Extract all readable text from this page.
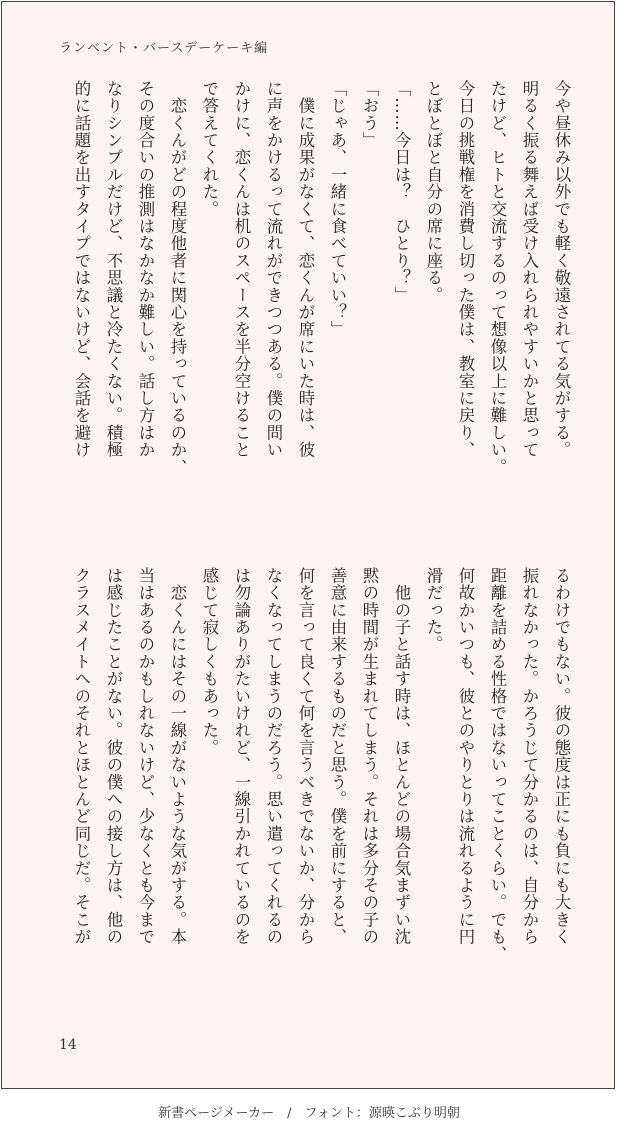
ランベント・バースデーケーキ編

今や昼休み以外でも軽く敬遠されてる気がする。

明るく振る舞えば受け入れられやすいかと思って

たけど、ヒトと交流するのって想像以上に難しい。

今日の挑戦権を消費し切った僕は、教室に戻り、

とぼとぼと自分の席に座る。

「……今日は？　ひとり？」

「おう」

「じゃあ、一緒に食べていい？」

　僕に成果がなくて、恋くんが席にいた時は、彼

に声をかけるって流れができつつある。僕の問い

かけに、恋くんは机のスペースを半分空けること

で答えてくれた。

　恋くんがどの程度他者に関心を持っているのか、

その度合いの推測はなかなか難しい。話し方はか

なりシンプルだけど、不思議と冷たくない。積極

的に話題を出すタイプではないけど、会話を避け

るわけでもない。彼の態度は正にも負にも大きく

振れなかった。かろうじて分かるのは、自分から

距離を詰める性格ではないってことくらい。でも、

何故かいつも、彼とのやりとりは流れるように円

滑だった。

　他の子と話す時は、ほとんどの場合気まずい沈

黙の時間が生まれてしまう。それは多分その子の

善意に由来するものだと思う。僕を前にすると、

何を言って良くて何を言うべきでないか、分から

なくなってしまうのだろう。思い遣ってくれるの

は勿論ありがたいけれど、一線引かれているのを

感じて寂しくもあった。

　恋くんにはその一線がないような気がする。本

当はあるのかもしれないけど、少なくとも今まで

は感じたことがない。彼の僕への接し方は、他の

クラスメイトへのそれとほとんど同じだ。そこが

14
新書ページメーカー　/　フォント：源暎こぶり明朝
